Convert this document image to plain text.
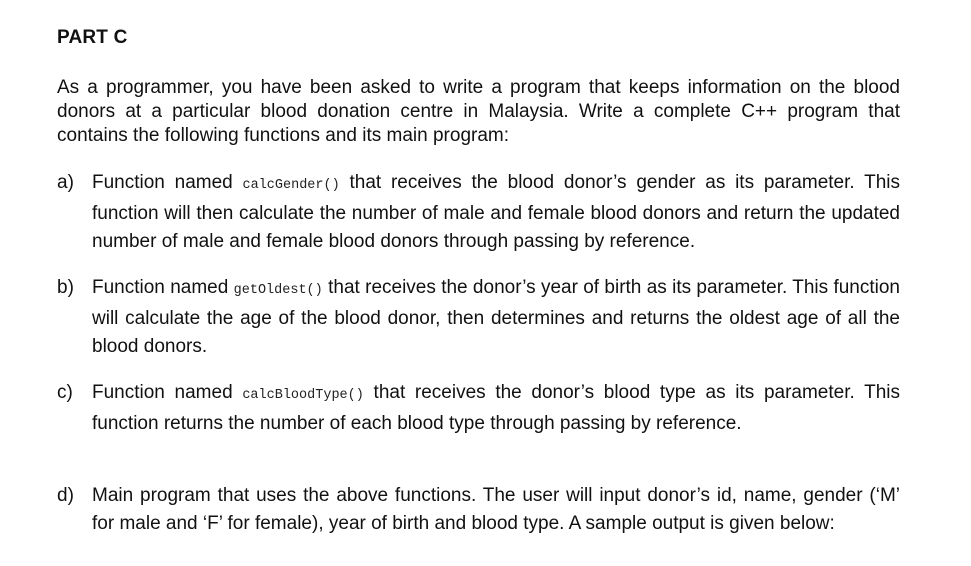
PART C
As a programmer, you have been asked to write a program that keeps information on the blood donors at a particular blood donation centre in Malaysia. Write a complete C++ program that contains the following functions and its main program:
a) Function named calcGender() that receives the blood donor’s gender as its parameter. This function will then calculate the number of male and female blood donors and return the updated number of male and female blood donors through passing by reference.
b) Function named getOldest() that receives the donor’s year of birth as its parameter. This function will calculate the age of the blood donor, then determines and returns the oldest age of all the blood donors.
c) Function named calcBloodType() that receives the donor’s blood type as its parameter. This function returns the number of each blood type through passing by reference.
d) Main program that uses the above functions. The user will input donor’s id, name, gender (‘M’ for male and ‘F’ for female), year of birth and blood type. A sample output is given below:
